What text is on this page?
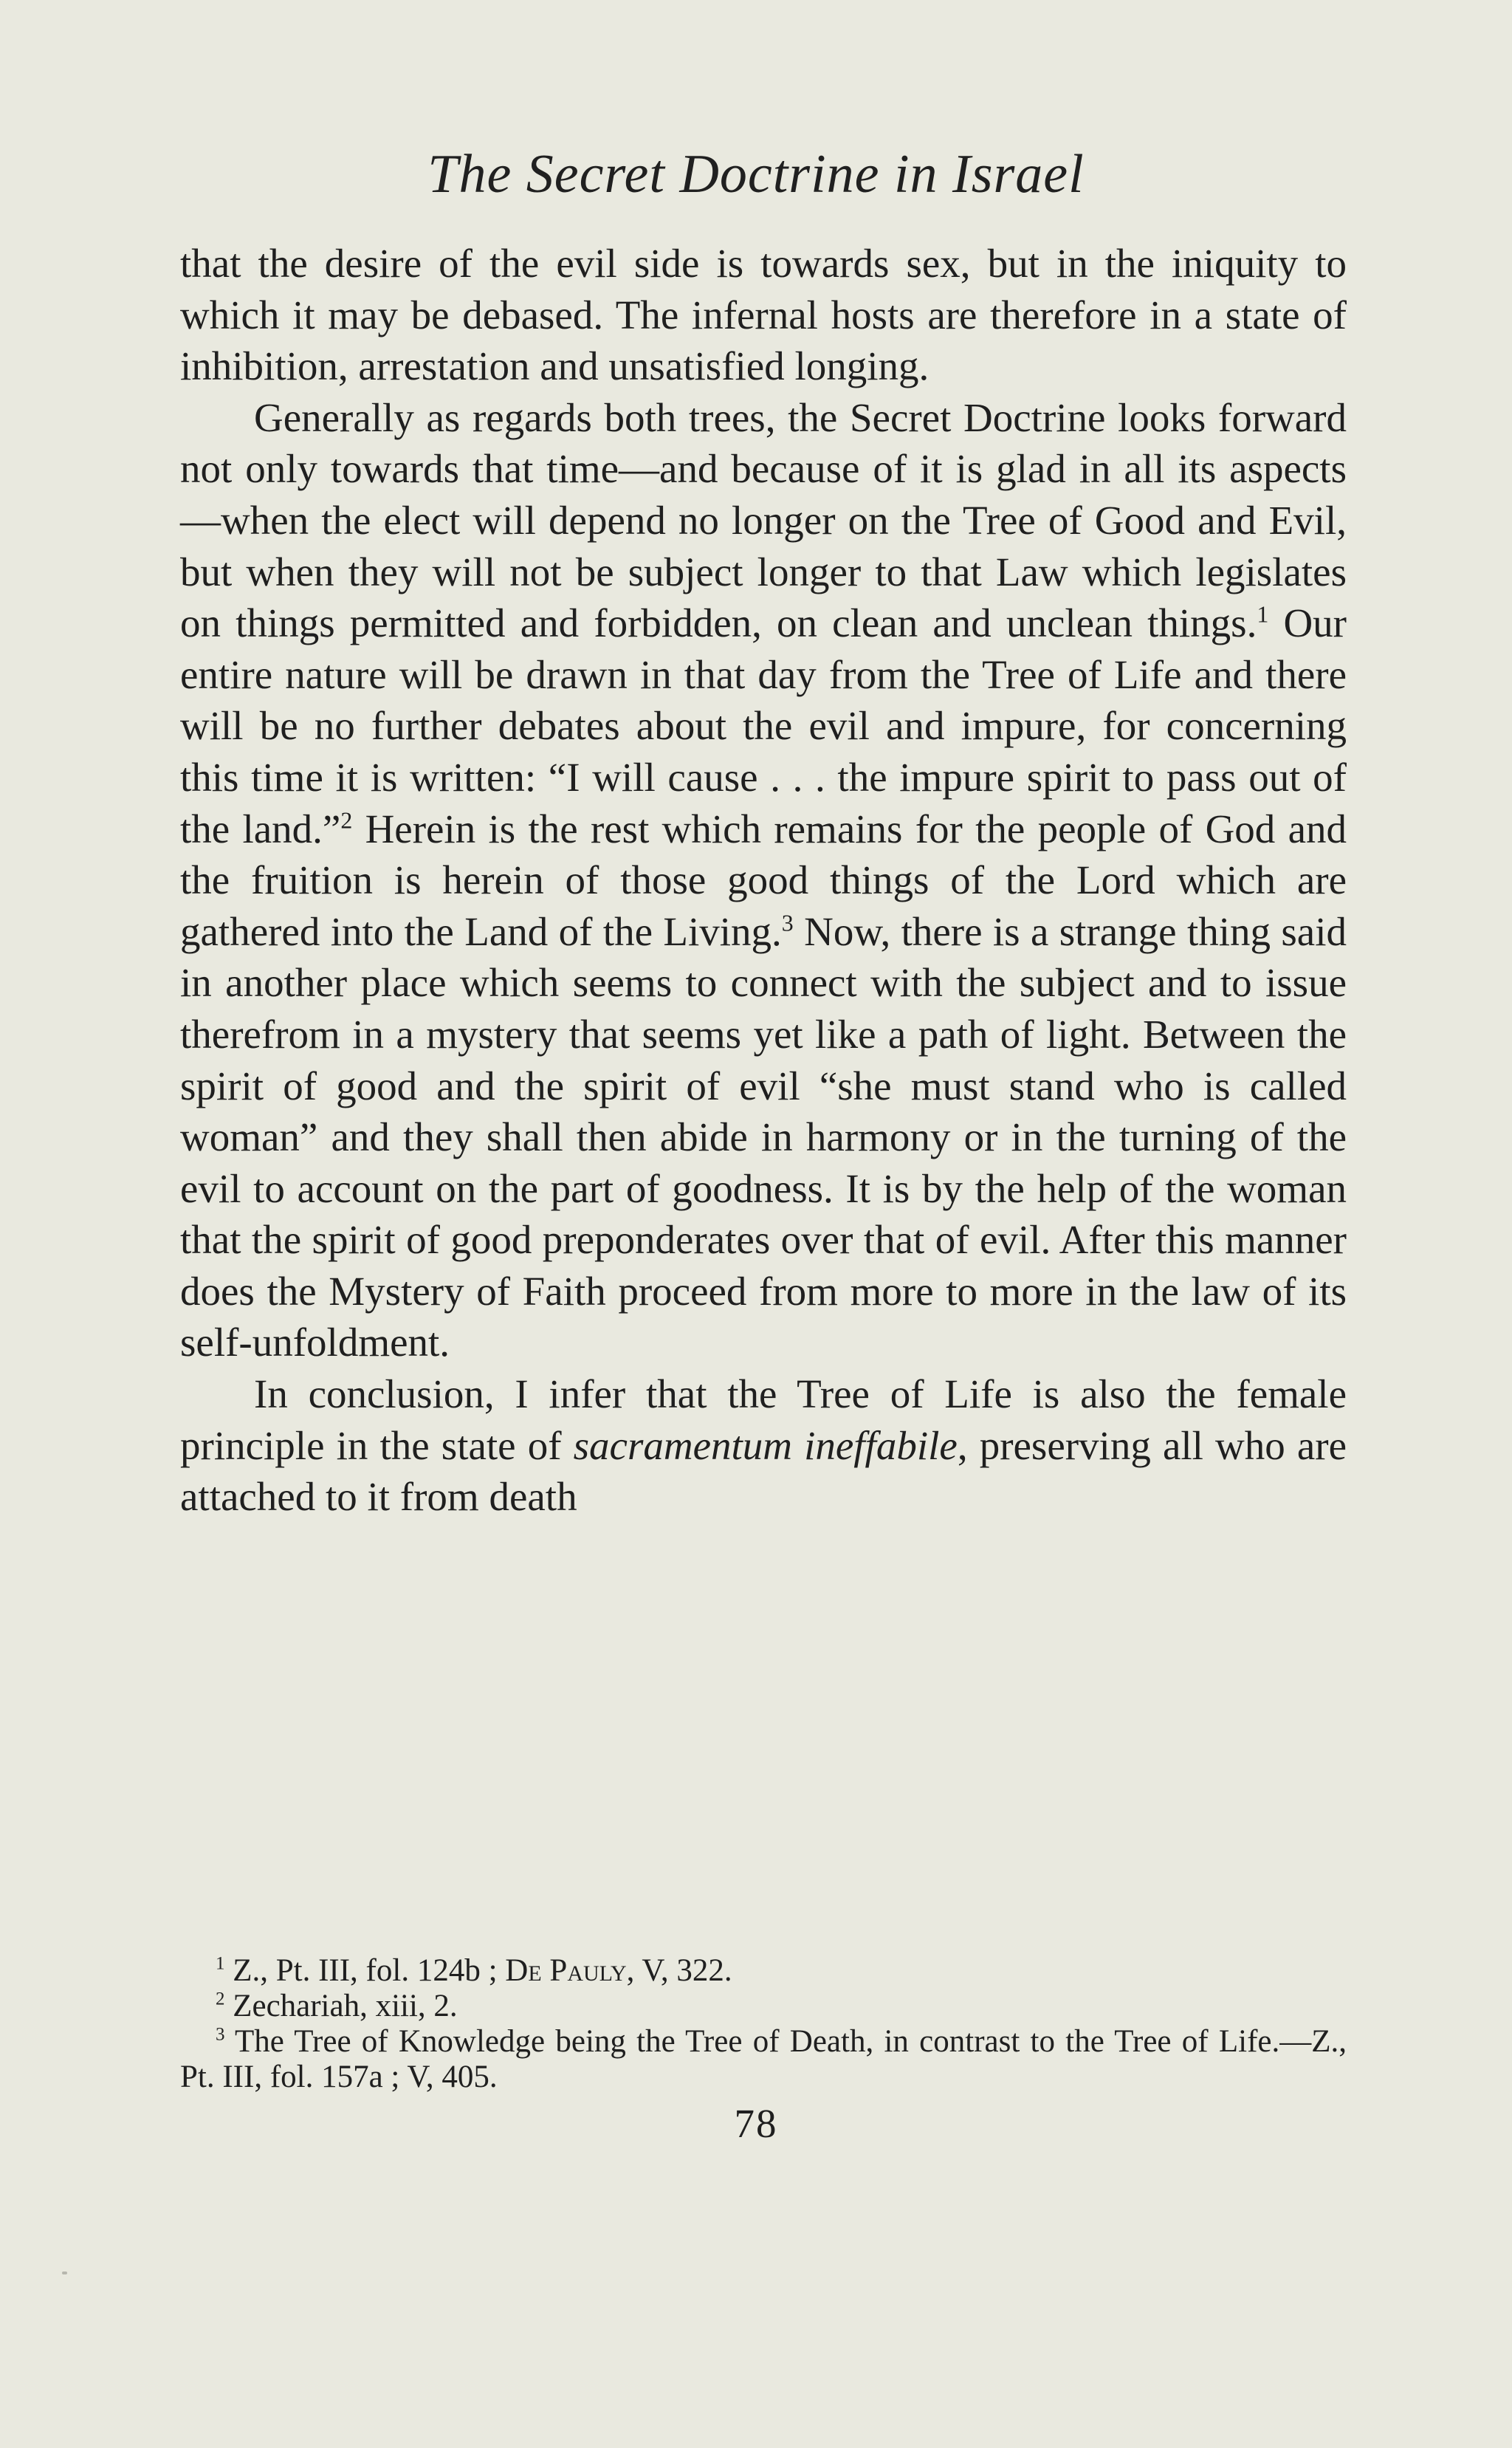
The Secret Doctrine in Israel

that the desire of the evil side is towards sex, but in the iniquity to which it may be debased. The infernal hosts are therefore in a state of inhibition, arrestation and unsatisfied longing.

Generally as regards both trees, the Secret Doctrine looks forward not only towards that time—and because of it is glad in all its aspects—when the elect will depend no longer on the Tree of Good and Evil, but when they will not be subject longer to that Law which legislates on things permitted and forbidden, on clean and unclean things.$^1$ Our entire nature will be drawn in that day from the Tree of Life and there will be no further debates about the evil and impure, for concerning this time it is written: “I will cause . . . the impure spirit to pass out of the land.”$^2$ Herein is the rest which remains for the people of God and the fruition is herein of those good things of the Lord which are gathered into the Land of the Living.$^3$ Now, there is a strange thing said in another place which seems to connect with the subject and to issue therefrom in a mystery that seems yet like a path of light. Between the spirit of good and the spirit of evil “she must stand who is called woman” and they shall then abide in harmony or in the turning of the evil to account on the part of goodness. It is by the help of the woman that the spirit of good preponderates over that of evil. After this manner does the Mystery of Faith proceed from more to more in the law of its self-unfoldment.

In conclusion, I infer that the Tree of Life is also the female principle in the state of sacramentum ineffabile, preserving all who are attached to it from death

$^1$ Z., Pt. III, fol. 124b ; De Pauly, V, 322.

$^2$ Zechariah, xiii, 2.

$^3$ The Tree of Knowledge being the Tree of Death, in contrast to the Tree of Life.—Z., Pt. III, fol. 157a ; V, 405.

78
